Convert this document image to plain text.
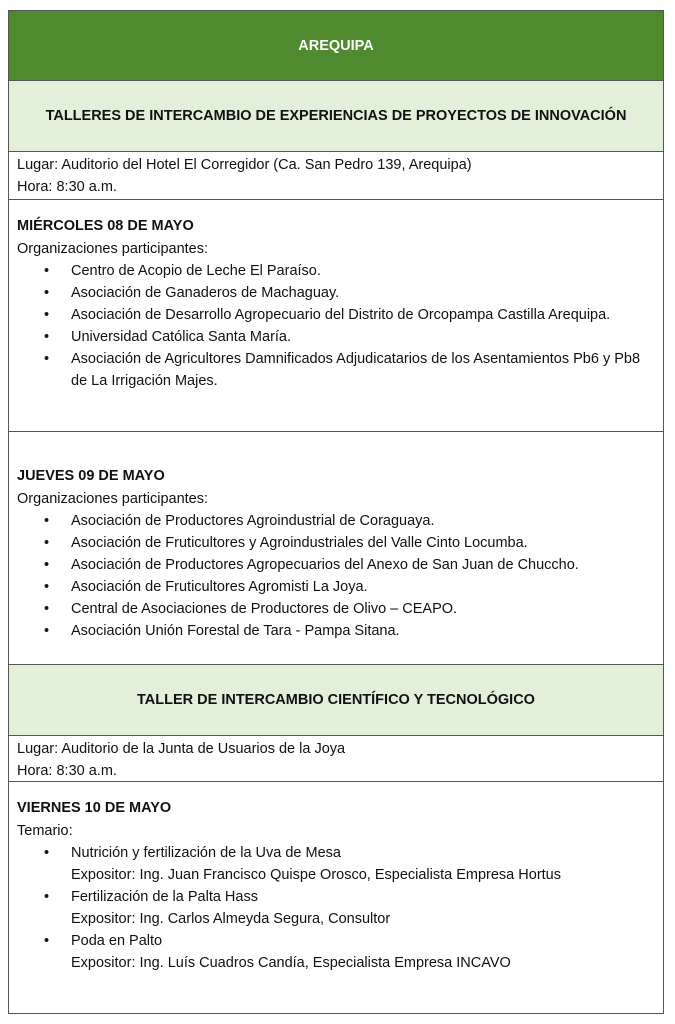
AREQUIPA
TALLERES DE INTERCAMBIO DE EXPERIENCIAS DE PROYECTOS DE INNOVACIÓN
Lugar: Auditorio del Hotel El Corregidor (Ca. San Pedro 139, Arequipa)
Hora: 8:30 a.m.
MIÉRCOLES 08 DE MAYO
Organizaciones participantes:
• Centro de Acopio de Leche El Paraíso.
• Asociación de Ganaderos de Machaguay.
• Asociación de Desarrollo Agropecuario del Distrito de Orcopampa Castilla Arequipa.
• Universidad Católica Santa María.
• Asociación de Agricultores Damnificados Adjudicatarios de los Asentamientos Pb6 y Pb8 de La Irrigación Majes.
JUEVES 09 DE MAYO
Organizaciones participantes:
• Asociación de Productores Agroindustrial de Coraguaya.
• Asociación de Fruticultores y Agroindustriales del Valle Cinto Locumba.
• Asociación de Productores Agropecuarios del Anexo de San Juan de Chuccho.
• Asociación de Fruticultores Agromisti La Joya.
• Central de Asociaciones de Productores de Olivo – CEAPO.
• Asociación Unión Forestal de Tara - Pampa Sitana.
TALLER DE INTERCAMBIO CIENTÍFICO Y TECNOLÓGICO
Lugar: Auditorio de la Junta de Usuarios de la Joya
Hora: 8:30 a.m.
VIERNES 10 DE MAYO
Temario:
• Nutrición y fertilización de la Uva de Mesa
Expositor: Ing. Juan Francisco Quispe Orosco, Especialista Empresa Hortus
• Fertilización de la Palta Hass
Expositor: Ing. Carlos Almeyda Segura, Consultor
• Poda en Palto
Expositor: Ing. Luís Cuadros Candía, Especialista Empresa INCAVO
